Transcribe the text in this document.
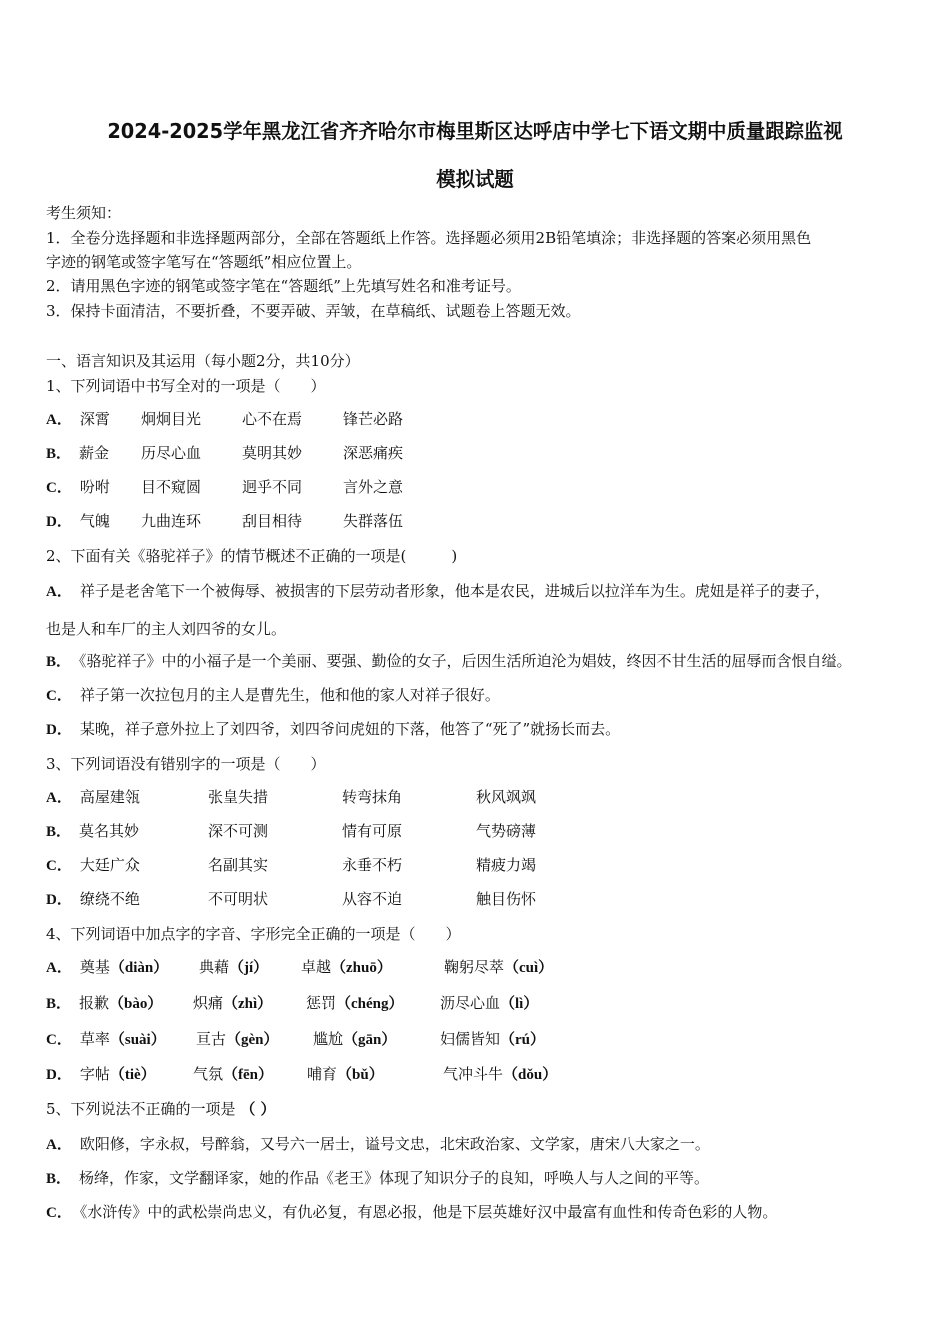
2024-2025学年黑龙江省齐齐哈尔市梅里斯区达呼店中学七下语文期中质量跟踪监视
模拟试题
考生须知：
1．全卷分选择题和非选择题两部分，全部在答题纸上作答。选择题必须用2B铅笔填涂；非选择题的答案必须用黑色
字迹的钢笔或签字笔写在“答题纸”相应位置上。
2．请用黑色字迹的钢笔或签字笔在“答题纸”上先填写姓名和准考证号。
3．保持卡面清洁，不要折叠，不要弄破、弄皱，在草稿纸、试题卷上答题无效。
一、语言知识及其运用（每小题2分，共10分）
1、下列词语中书写全对的一项是（　　）
A． 深霄 炯炯目光	心不在焉	锋芒必路
B． 薪金 历尽心血	莫明其妙	深恶痛疾
C． 吩咐 目不窥圆	迥乎不同	言外之意
D． 气魄 九曲连环	刮目相待	失群落伍
2、下面有关《骆驼祥子》的情节概述不正确的一项是(　　　)
A． 祥子是老舍笔下一个被侮辱、被损害的下层劳动者形象，他本是农民，进城后以拉洋车为生。虎妞是祥子的妻子，
也是人和车厂的主人刘四爷的女儿。
B． 《骆驼祥子》中的小福子是一个美丽、要强、勤俭的女子，后因生活所迫沦为娼妓，终因不甘生活的屈辱而含恨自缢。
C． 祥子第一次拉包月的主人是曹先生，他和他的家人对祥子很好。
D． 某晚，祥子意外拉上了刘四爷，刘四爷问虎妞的下落，他答了“死了”就扬长而去。
3、下列词语没有错别字的一项是（　　）
A． 高屋建瓴	张皇失措	转弯抹角	秋风飒飒
B． 莫名其妙	深不可测	情有可原	气势磅薄
C． 大廷广众	名副其实	永垂不朽	精疲力竭
D． 缭绕不绝	不可明状	从容不迫	触目伤怀
4、下列词语中加点字的字音、字形完全正确的一项是（　　）
A． 奠基（diàn） 典藉（jí） 卓越（zhuō）	鞠躬尽萃（cuì）
B． 报歉（bào） 炽痛（zhì） 惩罚（chéng） 沥尽心血（lì）
C． 草率（suài） 亘古（gèn） 尴尬（gān）	妇儒皆知（rú）
D． 字帖（tiè） 气氛（fēn） 哺育（bǔ）	气冲斗牛（dǒu）
5、下列说法不正确的一项是 （ ）
A． 欧阳修，字永叔，号醉翁，又号六一居士，谥号文忠，北宋政治家、文学家，唐宋八大家之一。
B． 杨绛，作家，文学翻译家，她的作品《老王》体现了知识分子的良知，呼唤人与人之间的平等。
C． 《水浒传》中的武松崇尚忠义，有仇必复，有恩必报，他是下层英雄好汉中最富有血性和传奇色彩的人物。
